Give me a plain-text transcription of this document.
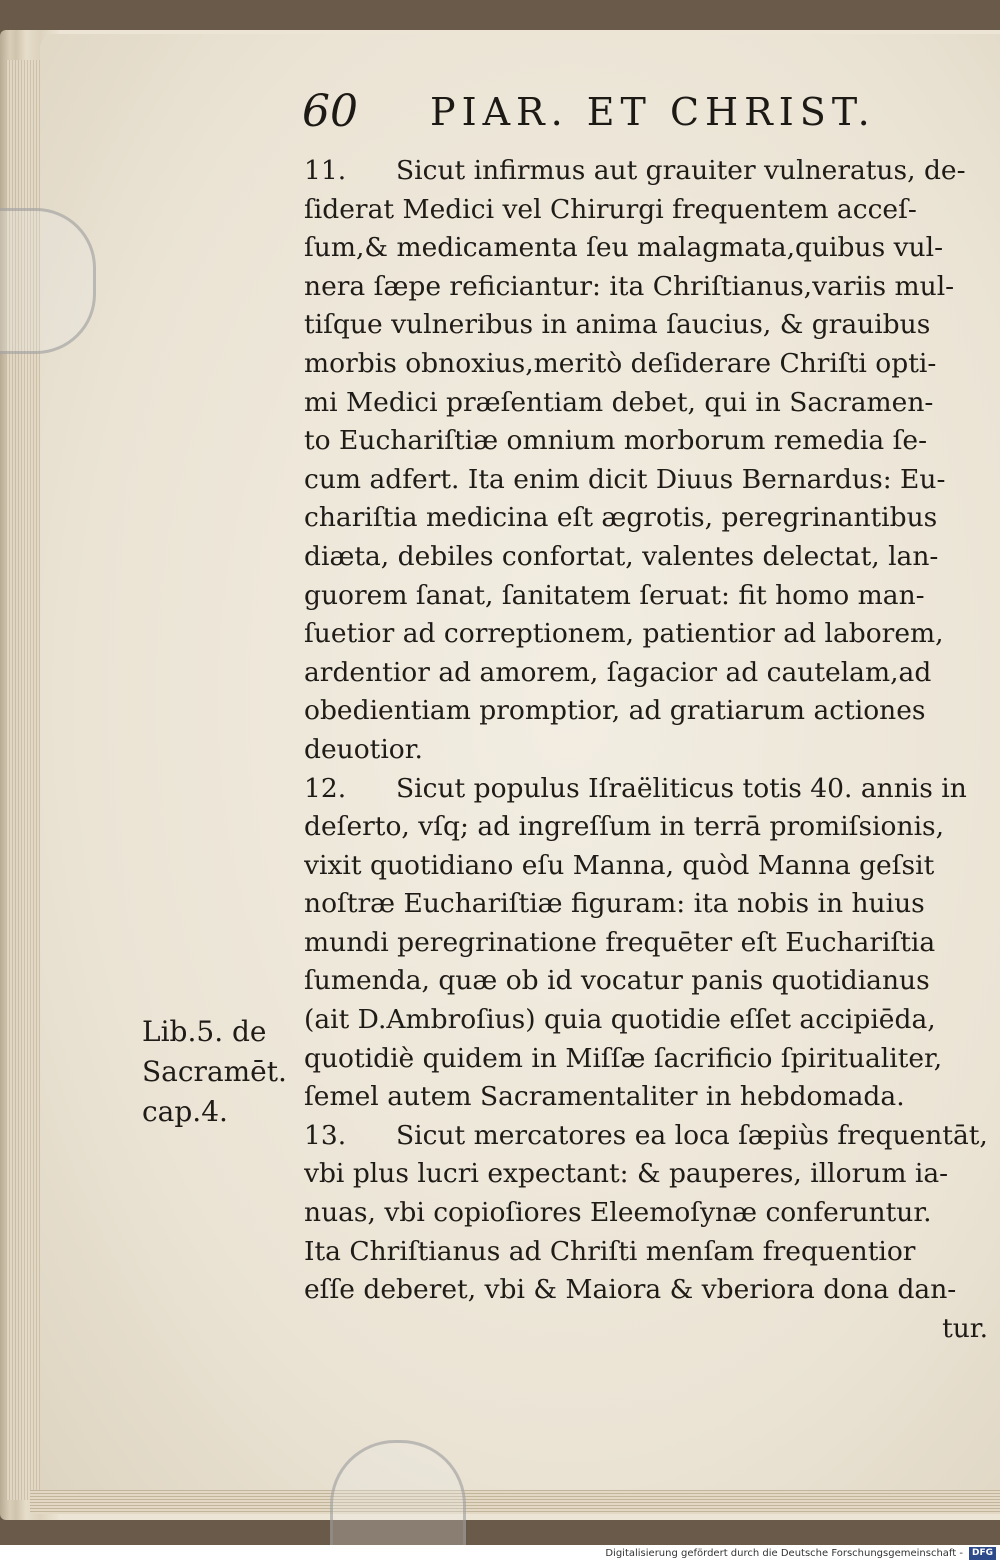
60 PIAR. ET CHRIST.
11. Sicut infirmus aut grauiter vulneratus, de-
ſiderat Medici vel Chirurgi frequentem acceſ-
ſum,& medicamenta ſeu malagmata,quibus vul-
nera ſæpe reficiantur: ita Chriſtianus,variis mul-
tiſque vulneribus in anima ſaucius, & grauibus
morbis obnoxius,meritò deſiderare Chriſti opti-
mi Medici præſentiam debet, qui in Sacramen-
to Euchariſtiæ omnium morborum remedia ſe-
cum adfert. Ita enim dicit Diuus Bernardus: Eu-
chariſtia medicina eſt ægrotis, peregrinantibus
diæta, debiles confortat, valentes delectat, lan-
guorem ſanat, ſanitatem ſeruat: fit homo man-
ſuetior ad correptionem, patientior ad laborem,
ardentior ad amorem, ſagacior ad cautelam,ad
obedientiam promptior, ad gratiarum actiones
deuotior.
12. Sicut populus Iſraëliticus totis 40. annis in
deſerto, vſq; ad ingreſſum in terrā promiſsionis,
vixit quotidiano eſu Manna, quòd Manna geſsit
noſtræ Euchariſtiæ figuram: ita nobis in huius
mundi peregrinatione frequēter eſt Euchariſtia
ſumenda, quæ ob id vocatur panis quotidianus
(ait D.Ambroſius) quia quotidie eſſet accipiēda,
quotidiè quidem in Miſſæ ſacrificio ſpiritualiter,
ſemel autem Sacramentaliter in hebdomada.
13. Sicut mercatores ea loca ſæpiùs frequentāt,
vbi plus lucri expectant: & pauperes, illorum ia-
nuas, vbi copioſiores Eleemoſynæ conferuntur.
Ita Chriſtianus ad Chriſti menſam frequentior
eſſe deberet, vbi & Maiora & vberiora dona dan-
tur.
Lib.5. de
Sacramēt.
cap.4.
Digitalisierung gefördert durch die Deutsche Forschungsgemeinschaft - DFG
